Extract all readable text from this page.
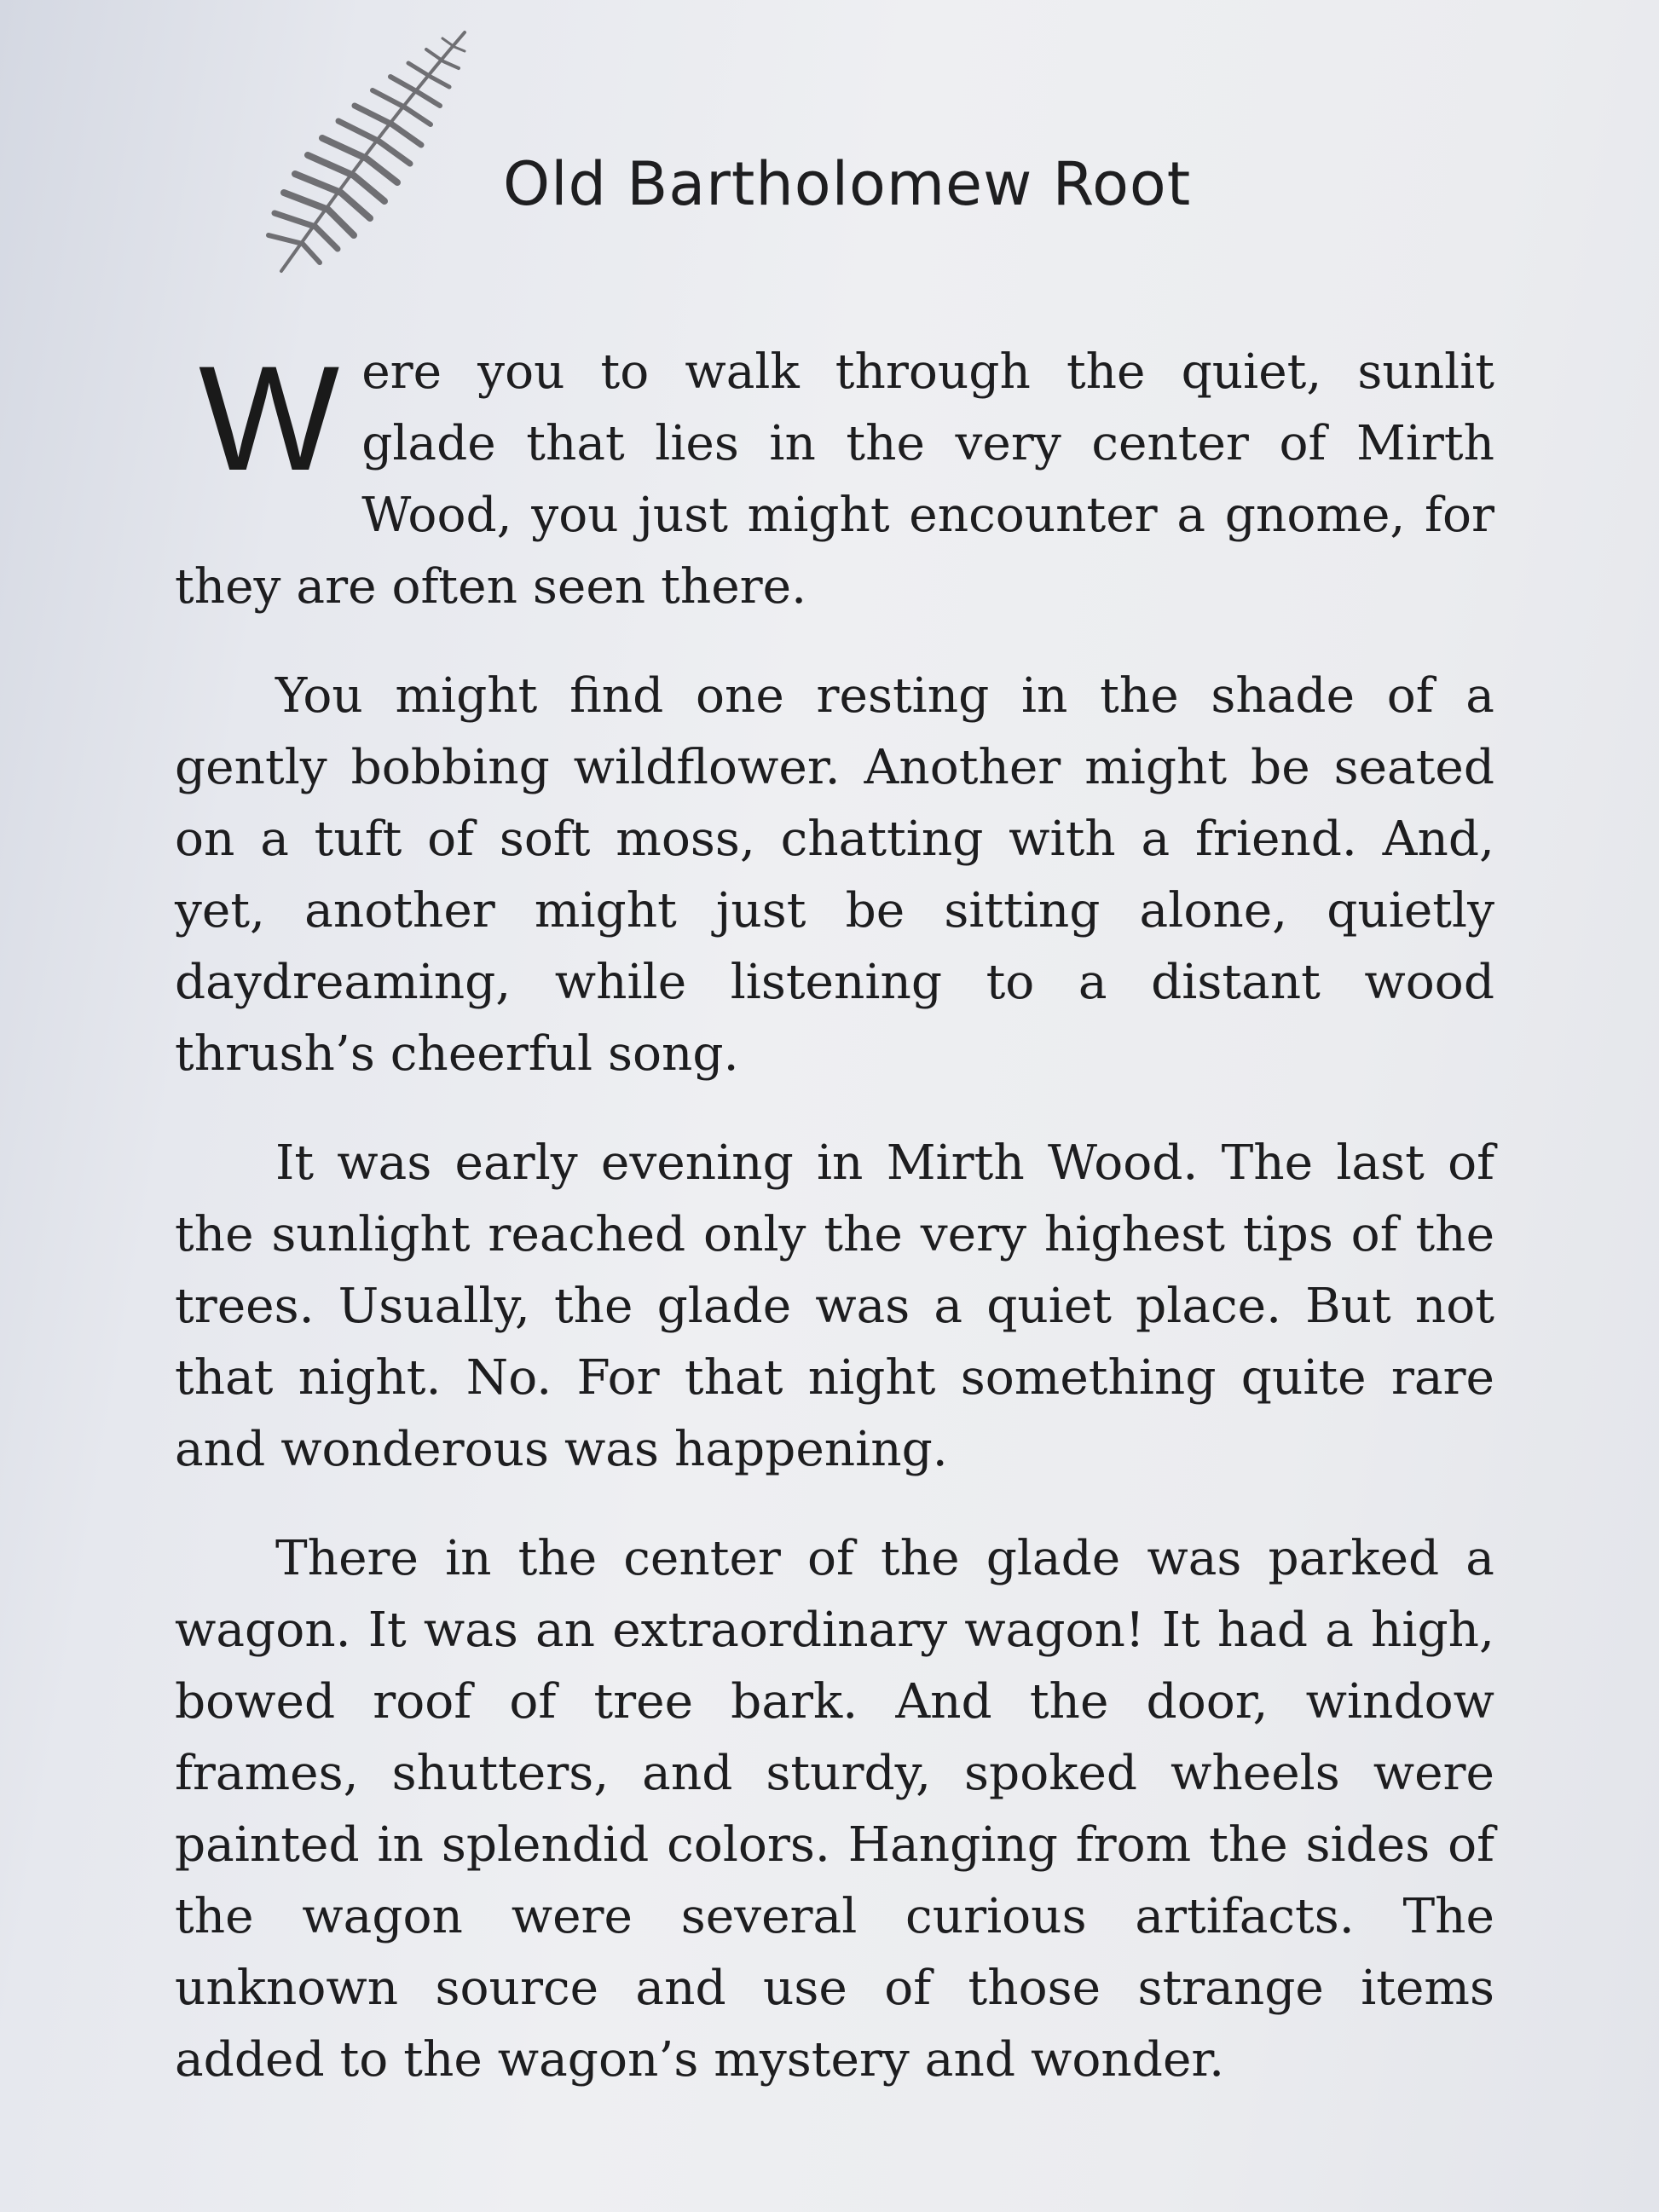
Old Bartholomew Root

Were you to walk through the quiet, sunlit glade that lies in the very center of Mirth Wood, you just might encounter a gnome, for they are often seen there.

You might find one resting in the shade of a gently bobbing wildflower. Another might be seated on a tuft of soft moss, chatting with a friend. And, yet, another might just be sitting alone, quietly daydreaming, while listening to a distant wood thrush’s cheerful song.

It was early evening in Mirth Wood. The last of the sunlight reached only the very highest tips of the trees. Usually, the glade was a quiet place. But not that night. No. For that night something quite rare and wonderous was happening.

There in the center of the glade was parked a wagon. It was an extraordinary wagon! It had a high, bowed roof of tree bark. And the door, window frames, shutters, and sturdy, spoked wheels were painted in splendid colors. Hanging from the sides of the wagon were several curious artifacts. The unknown source and use of those strange items added to the wagon’s mystery and wonder.
